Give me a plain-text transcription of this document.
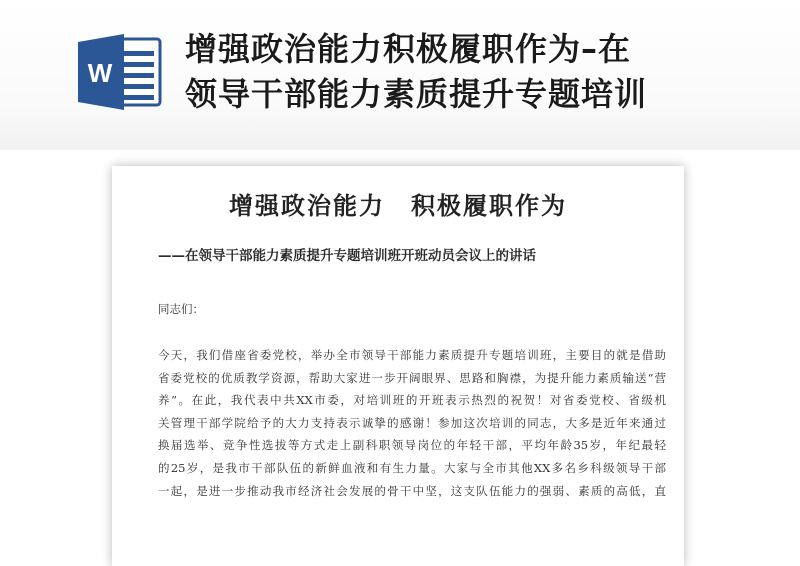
W
增强政治能力积极履职作为–在
领导干部能力素质提升专题培训
增强政治能力　积极履职作为
——在领导干部能力素质提升专题培训班开班动员会议上的讲话
同志们：
今天，我们借座省委党校，举办全市领导干部能力素质提升专题培训班，主要目的就是借助
省委党校的优质教学资源，帮助大家进一步开阔眼界、思路和胸襟，为提升能力素质输送“营
养”。在此，我代表中共XX市委，对培训班的开班表示热烈的祝贺！对省委党校、省级机
关管理干部学院给予的大力支持表示诚挚的感谢！参加这次培训的同志，大多是近年来通过
换届选举、竞争性选拔等方式走上副科职领导岗位的年轻干部，平均年龄35岁，年纪最轻
的25岁，是我市干部队伍的新鲜血液和有生力量。大家与全市其他XX多名乡科级领导干部
一起，是进一步推动我市经济社会发展的骨干中坚，这支队伍能力的强弱、素质的高低，直
